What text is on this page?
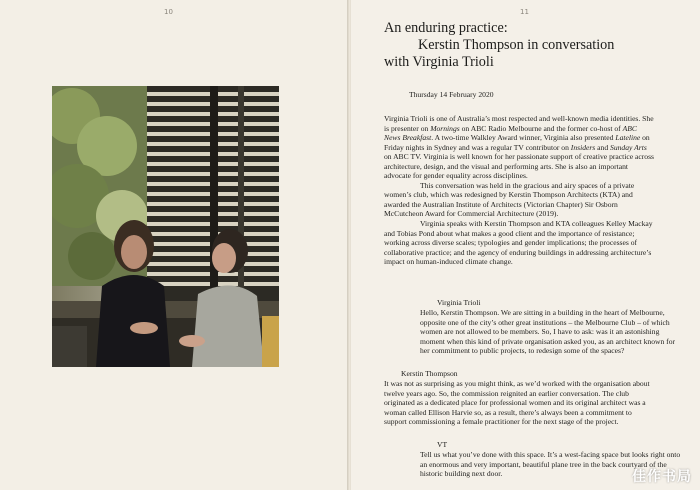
10	11
An enduring practice:
Kerstin Thompson in conversation
with Virginia Trioli
Thursday 14 February 2020

Virginia Trioli is one of Australia’s most respected and well-known media identities. She is presenter on Mornings on ABC Radio Melbourne and the former co-host of ABC News Breakfast. A two-time Walkley Award winner, Virginia also presented Lateline on Friday nights in Sydney and was a regular TV contributor on Insiders and Sunday Arts on ABC TV. Virginia is well known for her passionate support of creative practice across architecture, design, and the visual and performing arts. She is also an important advocate for gender equality across disciplines.

This conversation was held in the gracious and airy spaces of a private women’s club, which was redesigned by Kerstin Thompson Architects (KTA) and awarded the Australian Institute of Architects (Victorian Chapter) Sir Osborn McCutcheon Award for Commercial Architecture (2019).

Virginia speaks with Kerstin Thompson and KTA colleagues Kelley Mackay and Tobias Pond about what makes a good client and the importance of resistance; working across diverse scales; typologies and gender implications; the processes of collaborative practice; and the agency of enduring buildings in addressing architecture’s impact on human-induced climate change.

Virginia Trioli
Hello, Kerstin Thompson. We are sitting in a building in the heart of Melbourne, opposite one of the city’s other great institutions – the Melbourne Club – of which women are not allowed to be members. So, I have to ask: was it an astonishing moment when this kind of private organisation asked you, as an architect known for her commitment to public projects, to redesign some of the spaces?
Kerstin Thompson
It was not as surprising as you might think, as we’d worked with the organisation about twelve years ago. So, the commission reignited an earlier conversation. The club originated as a dedicated place for professional women and its original architect was a woman called Ellison Harvie so, as a result, there’s always been a commitment to support commissioning a female practitioner for the next stage of the project.
VT
Tell us what you’ve done with this space. It’s a west-facing space but looks right onto an enormous and very important, beautiful plane tree in the back courtyard of the historic building next door.	佳作书局
